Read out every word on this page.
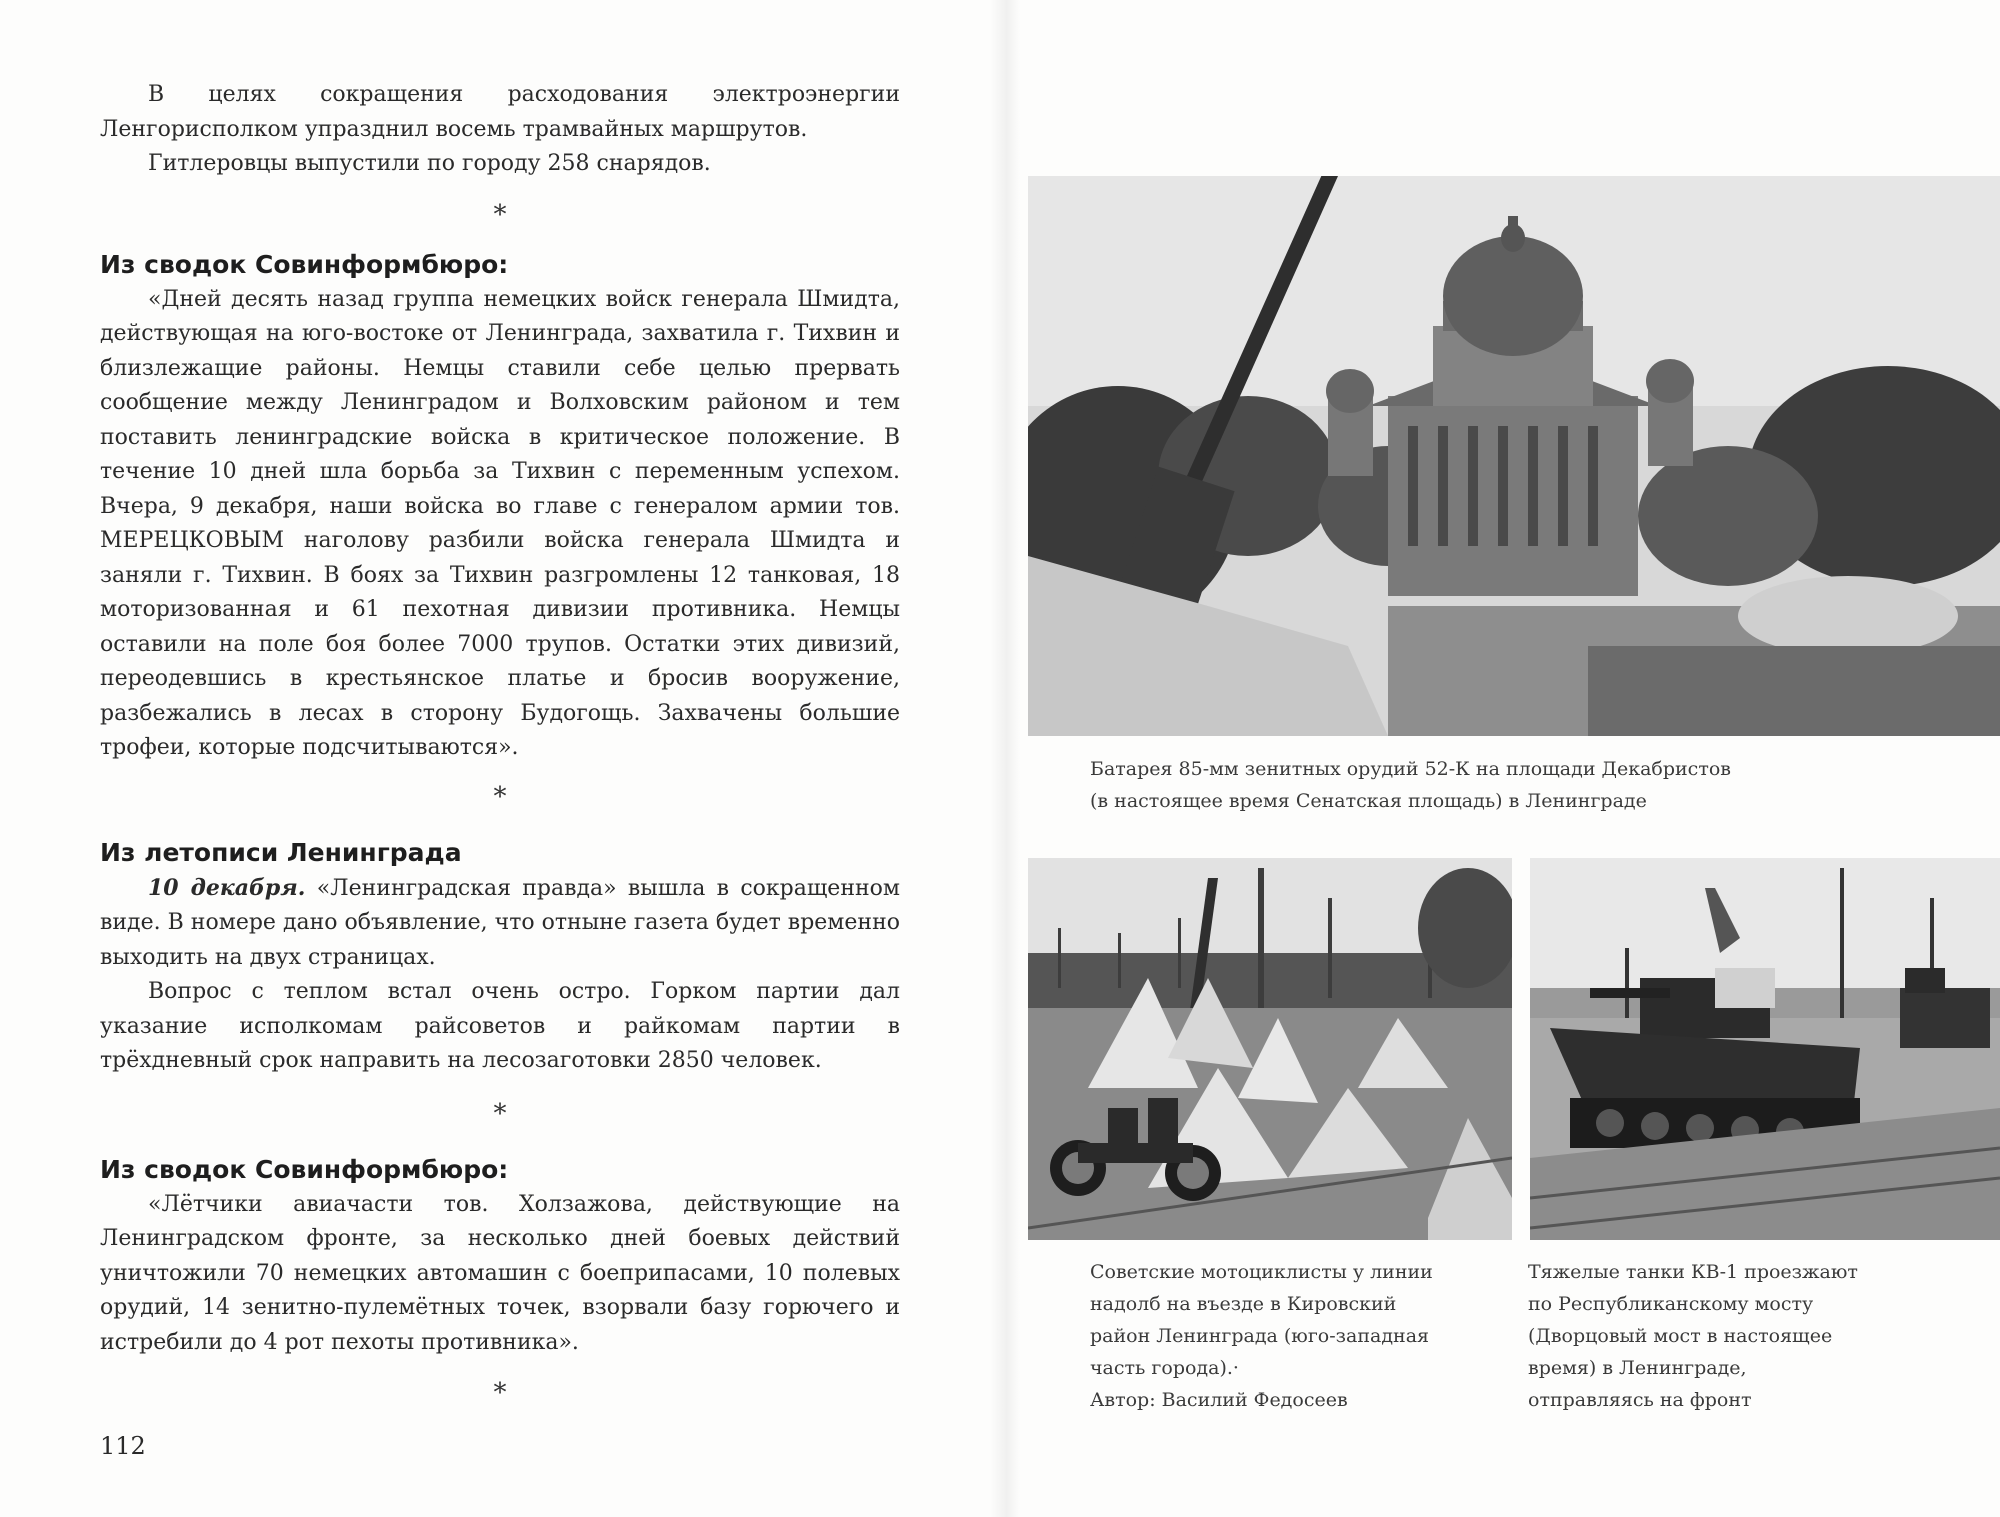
В целях сокращения расходования электроэнергии Ленгорисполком упразднил восемь трамвайных маршрутов.

Гитлеровцы выпустили по городу 258 снарядов.

*
Из сводок Совинформбюро:

«Дней десять назад группа немецких войск генерала Шмидта, действующая на юго-востоке от Ленинграда, захватила г. Тихвин и близлежащие районы. Немцы ставили себе целью прервать сообщение между Ленинградом и Волховским районом и тем поставить ленинградские войска в критическое положение. В течение 10 дней шла борьба за Тихвин с переменным успехом. Вчера, 9 декабря, наши войска во главе с генералом армии тов. МЕРЕЦКОВЫМ наголову разбили войска генерала Шмидта и заняли г. Тихвин. В боях за Тихвин разгромлены 12 танковая, 18 моторизованная и 61 пехотная дивизии противника. Немцы оставили на поле боя более 7000 трупов. Остатки этих дивизий, переодевшись в крестьянское платье и бросив вооружение, разбежались в лесах в сторону Будогощь. Захвачены большие трофеи, которые подсчитываются».

*
Из летописи Ленинграда

10 декабря. «Ленинградская правда» вышла в сокращенном виде. В номере дано объявление, что отныне газета будет временно выходить на двух страницах.

Вопрос с теплом встал очень остро. Горком партии дал указание исполкомам райсоветов и райкомам партии в трёхдневный срок направить на лесозаготовки 2850 человек.

*
Из сводок Совинформбюро:

«Лётчики авиачасти тов. Холзажова, действующие на Ленинградском фронте, за несколько дней боевых действий уничтожили 70 немецких автомашин с боеприпасами, 10 полевых орудий, 14 зенитно-пулемётных точек, взорвали базу горючего и истребили до 4 рот пехоты противника».

*
112

Батарея 85-мм зенитных орудий 52-К на площади Декабристов
(в настоящее время Сенатская площадь) в Ленинграде

Советские мотоциклисты у линии
надолб на въезде в Кировский
район Ленинграда (юго-западная
часть города).·
Автор: Василий Федосеев

Тяжелые танки КВ-1 проезжают
по Республиканскому мосту
(Дворцовый мост в настоящее
время) в Ленинграде,
отправляясь на фронт
